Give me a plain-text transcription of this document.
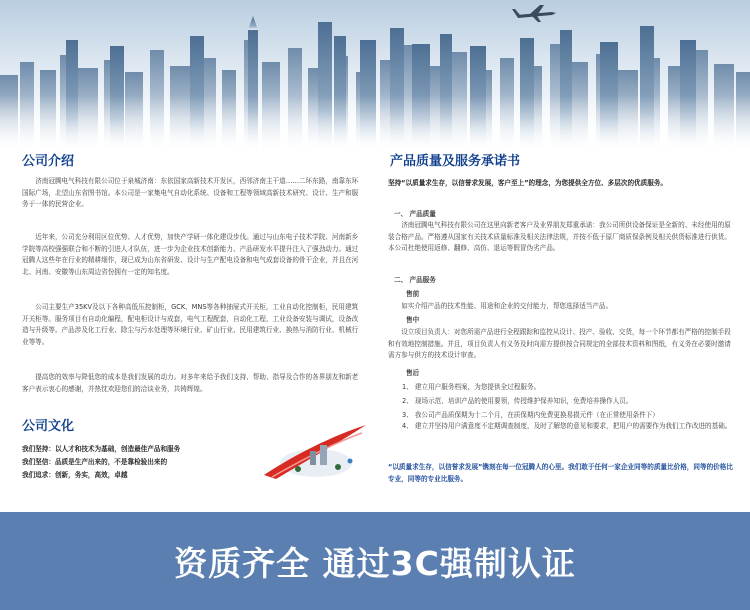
公司介绍

济南冠腾电气科技有限公司位于泉城济南：东依国家高新技术开发区，西邻济南主干道……二环东路，南靠东环国际广场，北望山东省图书馆。本公司是一家集电气自动化系统、设备和工程等领域高新技术研究、设计、生产和服务于一体的民营企业。

近年来，公司充分利用区位优势、人才优势，加快产学研一体化建设步伐。通过与山东电子技术学院、河南新乡学院等高校强强联合和不断的引进人才队伍，进一步为企业技术创新能力、产品研发水平提升注入了强劲动力。通过冠腾人这些年在行业的精耕细作，现已成为山东省研发、设计与生产配电设备和电气成套设备的骨干企业，并且在河北、河南、安徽等山东周边省份拥有一定的知名度。

公司主要生产35KV及以下各种高低压控制柜，GCK、MNS等各种抽屉式开关柜，工业自动化控制柜，民用建筑开关柜等。服务项目有自动化编程，配电柜设计与成套，电气工程配套，自动化工程，工业设备安装与调试，设备改造与升级等。产品涉及化工行业、除尘与污水处理等环境行业、矿山行业、民用建筑行业、换热与消防行业、机械行业等等。

提高您的效率与降低您的成本是我们发展的动力。对多年来给予我们支持、帮助、指导及合作的各界朋友和新老客户表示衷心的感谢，并热忱欢迎您们的洽谈业务，共铸辉煌。

公司文化
我们坚持：以人才和技术为基础，创造最佳产品和服务
我们坚信：品质是生产出来的，不是靠检验出来的
我们追求：创新，务实，高效，卓越
产品质量及服务承诺书

坚持“以质量求生存，以信誉求发展，客户至上”的理念，为您提供全方位、多层次的优质服务。

一、 产品质量

济南冠腾电气科技有限公司在这里向新老客户及业界朋友郑重承诺：我公司所供设备保证是全新的、未经使用的原装合格产品。严格遵从国家有关技术质量标准及相关法律法规，并按不低于原厂商质保条例及相关供货标准进行供货。本公司杜绝使用返修、翻修、高仿、退运等假冒伪劣产品。

二、 产品服务
售前

如实介绍产品的技术性能、用途和企业的交付能力，帮您选择适当产品。

售中

设立项目负责人：对您所需产品进行全程跟踪和监控从设计、投产、验收、交货，每一个环节都有严格的控制手段和有效地控制措施。并且，项目负责人有义务及时向需方提供按合同规定的全部技术资料和图纸，有义务在必要时邀请需方参与供方的技术设计审查。

售后
1、 建立用户服务档案，为您提供全过程服务。
2、 现场示范、培训产品的使用要领，传授维护保养知识，免费培养操作人员。
3、 我公司产品质保期为十二个月，在质保期内免费更换易损元件（在正常使用条件下）

4、 建立并坚持用户满意度不定期调查制度，及时了解您的意见和要求，把用户的需要作为我们工作改进的基础。

“以质量求生存，以信誉求发展”镌刻在每一位冠腾人的心里。我们敢于任何一家企业同等的质量比价格，同等的价格比专业，同等的专业比服务。

资质齐全 通过3C强制认证
